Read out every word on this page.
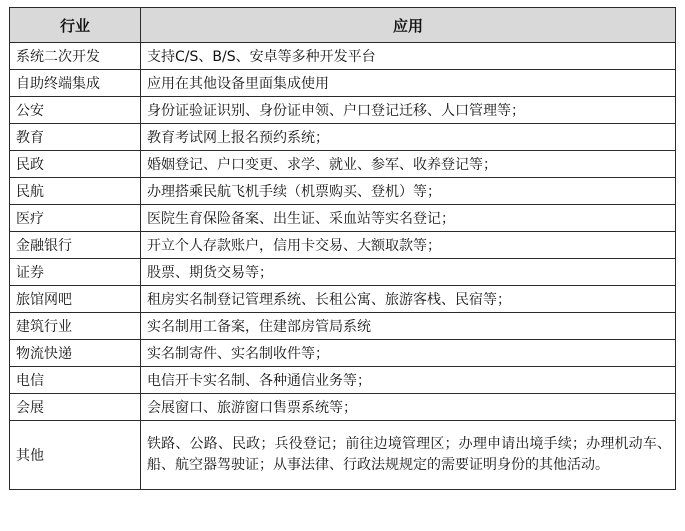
行业	应用
系统二次开发	支持C/S、B/S、安卓等多种开发平台
自助终端集成	应用在其他设备里面集成使用
公安	身份证验证识别、身份证申领、户口登记迁移、人口管理等；
教育	教育考试网上报名预约系统；
民政	婚姻登记、户口变更、求学、就业、参军、收养登记等；
民航	办理搭乘民航飞机手续（机票购买、登机）等；
医疗	医院生育保险备案、出生证、采血站等实名登记；
金融银行	开立个人存款账户，信用卡交易、大额取款等；
证券	股票、期货交易等；
旅馆网吧	租房实名制登记管理系统、长租公寓、旅游客栈、民宿等；
建筑行业	实名制用工备案，住建部房管局系统
物流快递	实名制寄件、实名制收件等；
电信	电信开卡实名制、各种通信业务等；
会展	会展窗口、旅游窗口售票系统等；
其他	铁路、公路、民政；兵役登记；前往边境管理区；办理申请出境手续；办理机动车、船、航空器驾驶证；从事法律、行政法规规定的需要证明身份的其他活动。
